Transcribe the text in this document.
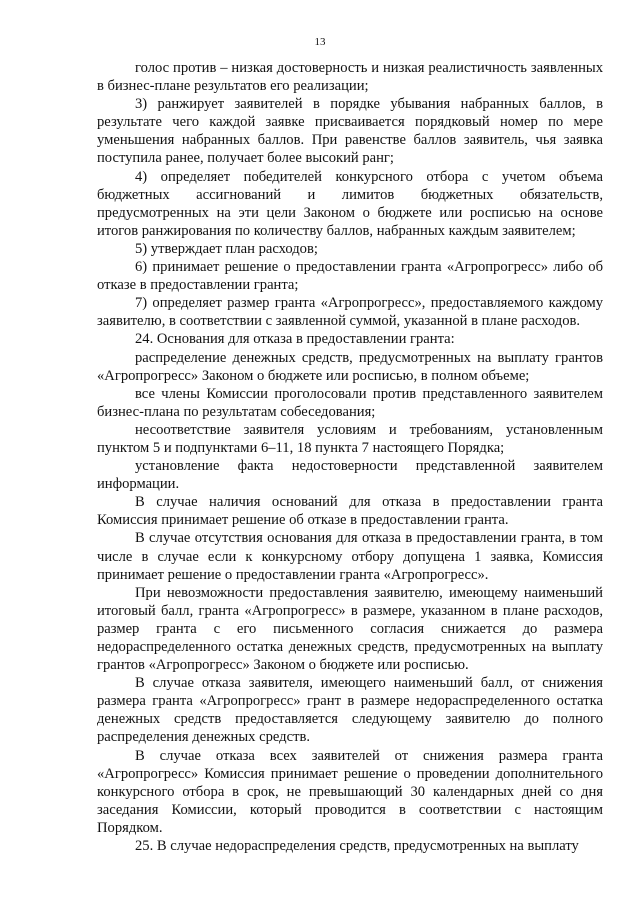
13

голос против – низкая достоверность и низкая реалистичность заявленных в бизнес-плане результатов его реализации;

3) ранжирует заявителей в порядке убывания набранных баллов, в результате чего каждой заявке присваивается порядковый номер по мере уменьшения набранных баллов. При равенстве баллов заявитель, чья заявка поступила ранее, получает более высокий ранг;

4) определяет победителей конкурсного отбора с учетом объема бюджетных ассигнований и лимитов бюджетных обязательств, предусмотренных на эти цели Законом о бюджете или росписью на основе итогов ранжирования по количеству баллов, набранных каждым заявителем;

5) утверждает план расходов;

6) принимает решение о предоставлении гранта «Агропрогресс» либо об отказе в предоставлении гранта;

7) определяет размер гранта «Агропрогресс», предоставляемого каждому заявителю, в соответствии с заявленной суммой, указанной в плане расходов.

24. Основания для отказа в предоставлении гранта:

распределение денежных средств, предусмотренных на выплату грантов «Агропрогресс» Законом о бюджете или росписью, в полном объеме;

все члены Комиссии проголосовали против представленного заявителем бизнес-плана по результатам собеседования;

несоответствие заявителя условиям и требованиям, установленным пунктом 5 и подпунктами 6–11, 18 пункта 7 настоящего Порядка;

установление факта недостоверности представленной заявителем информации.

В случае наличия оснований для отказа в предоставлении гранта Комиссия принимает решение об отказе в предоставлении гранта.

В случае отсутствия основания для отказа в предоставлении гранта, в том числе в случае если к конкурсному отбору допущена 1 заявка, Комиссия принимает решение о предоставлении гранта «Агропрогресс».

При невозможности предоставления заявителю, имеющему наименьший итоговый балл, гранта «Агропрогресс» в размере, указанном в плане расходов, размер гранта с его письменного согласия снижается до размера недораспределенного остатка денежных средств, предусмотренных на выплату грантов «Агропрогресс» Законом о бюджете или росписью.

В случае отказа заявителя, имеющего наименьший балл, от снижения размера гранта «Агропрогресс» грант в размере недораспределенного остатка денежных средств предоставляется следующему заявителю до полного распределения денежных средств.

В случае отказа всех заявителей от снижения размера гранта «Агропрогресс» Комиссия принимает решение о проведении дополнительного конкурсного отбора в срок, не превышающий 30 календарных дней со дня заседания Комиссии, который проводится в соответствии с настоящим Порядком.

25. В случае недораспределения средств, предусмотренных на выплату
